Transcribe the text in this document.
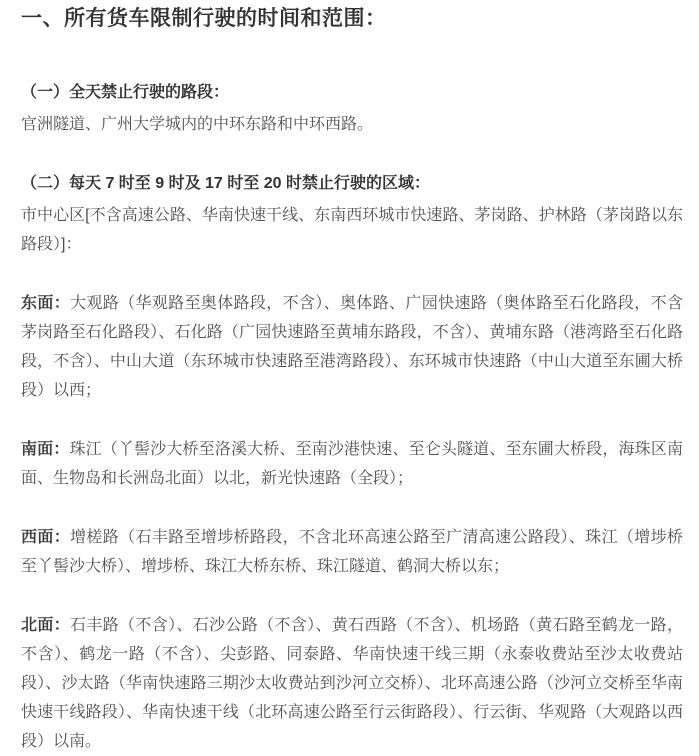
一、所有货车限制行驶的时间和范围：
（一）全天禁止行驶的路段：

官洲隧道、广州大学城内的中环东路和中环西路。

（二）每天 7 时至 9 时及 17 时至 20 时禁止行驶的区域：

市中心区[不含高速公路、华南快速干线、东南西环城市快速路、茅岗路、护林路（茅岗路以东路段）]：

东面：大观路（华观路至奥体路段，不含）、奥体路、广园快速路（奥体路至石化路段，不含茅岗路至石化路段）、石化路（广园快速路至黄埔东路段，不含）、黄埔东路（港湾路至石化路段，不含）、中山大道（东环城市快速路至港湾路段）、东环城市快速路（中山大道至东圃大桥段）以西；

南面：珠江（丫髻沙大桥至洛溪大桥、至南沙港快速、至仑头隧道、至东圃大桥段，海珠区南面、生物岛和长洲岛北面）以北，新光快速路（全段）；

西面：增槎路（石丰路至增埗桥路段，不含北环高速公路至广清高速公路段）、珠江（增埗桥至丫髻沙大桥）、增埗桥、珠江大桥东桥、珠江隧道、鹤洞大桥以东；

北面：石丰路（不含）、石沙公路（不含）、黄石西路（不含）、机场路（黄石路至鹤龙一路，不含）、鹤龙一路（不含）、尖彭路、同泰路、华南快速干线三期（永泰收费站至沙太收费站段）、沙太路（华南快速路三期沙太收费站到沙河立交桥）、北环高速公路（沙河立交桥至华南快速干线路段）、华南快速干线（北环高速公路至行云街路段）、行云街、华观路（大观路以西段）以南。
